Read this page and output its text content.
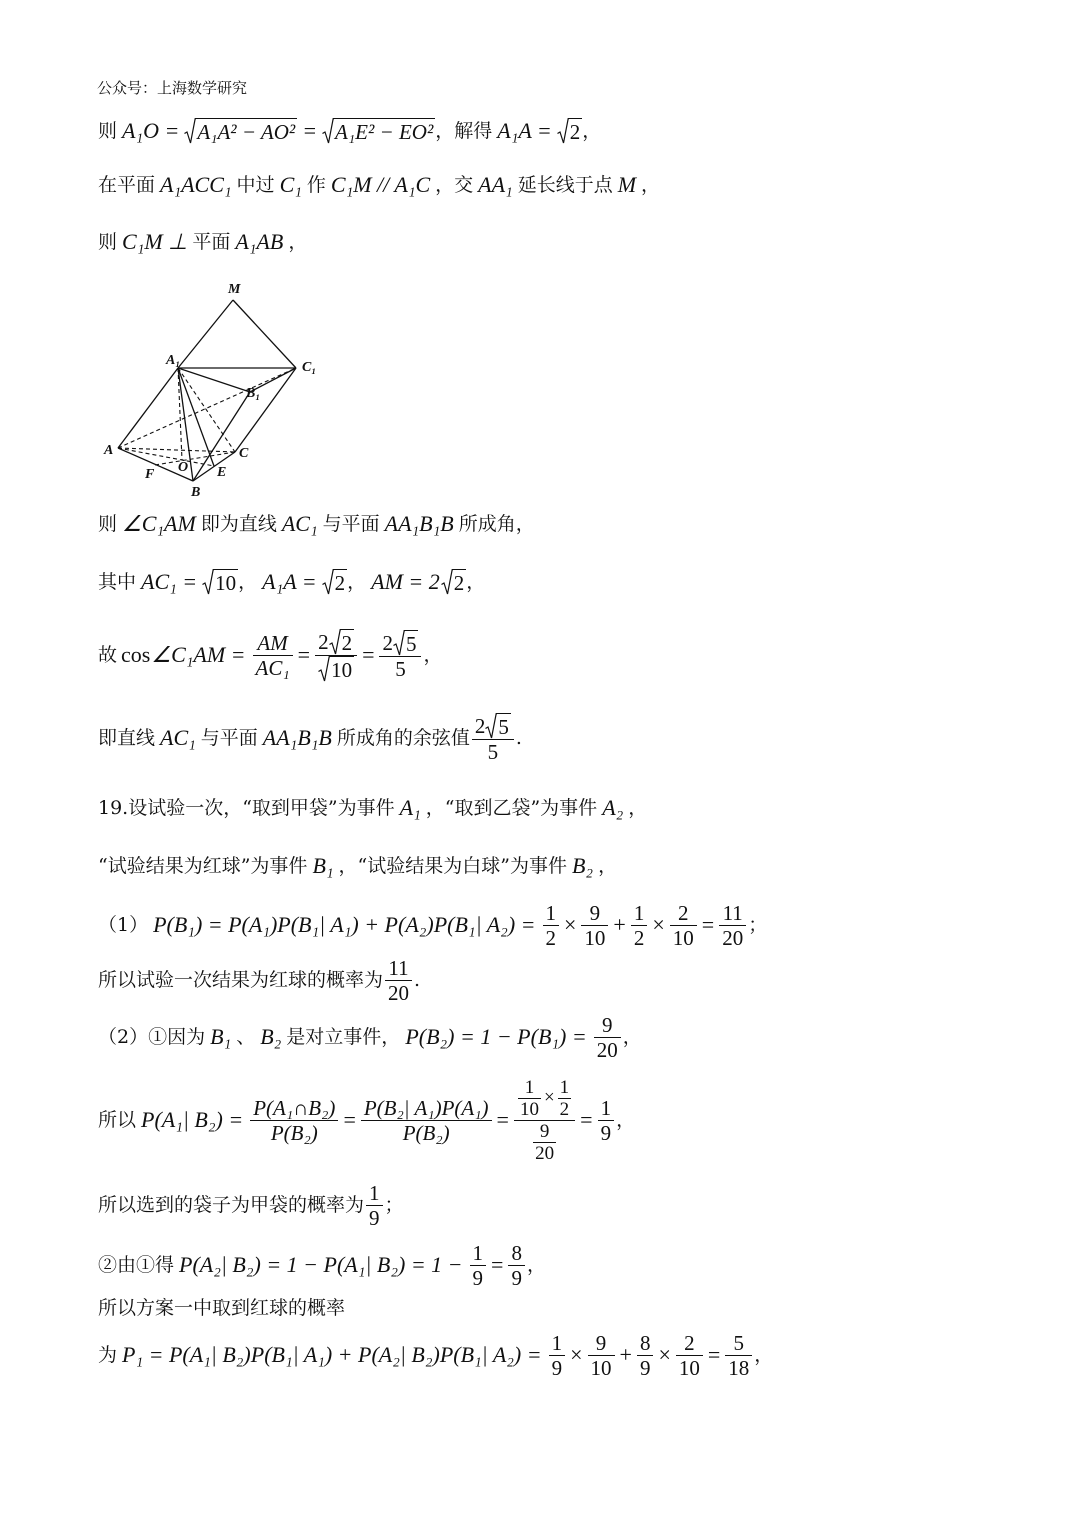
公众号：上海数学研究
则 A₁O = A₁A² − AO² = A₁E² − EO² ，解得 A₁A = 2 ，
在平面 A₁ACC₁ 中过 C₁ 作 C₁M // A₁C ，交 AA₁ 延长线于点 M ，
则 C₁M ⊥ 平面 A₁AB ，
M
A₁	C₁
B₁
A	C
F O E
B
则 ∠C₁AM 即为直线 AC₁ 与平面 AA₁B₁B 所成角，
其中 AC₁ = 10 ， A₁A = 2 ， AM = 2 2 ，
故 cos ∠C₁AM = $\frac{AM}{\text{AC₁}} = \frac{2 2}{10} = \frac{2 5}{5}$ ，
即直线 AC₁ 与平面 AA₁B₁B 所成角的余弦值 $\frac{2 5}{5}$ .
19.设试验一次，“取到甲袋”为事件 A₁ ，“取到乙袋”为事件 A₂ ，
“试验结果为红球”为事件 B₁ ，“试验结果为白球”为事件 B₂ ，
（1） P(B₁) = P(A₁)P(B₁| A₁) + P(A₂)P(B₁| $A_2) = \frac{1}{2} \times \frac{9}{10} + \frac{1}{2} \times \frac{2}{10} = \frac{11}{20}$ ；
所以试验一次结果为红球的概率为 $\frac{11}{20}$ .
（2）①因为 B₁ 、 B₂ 是对立事件， $P(B_2) = 1 - P(B_1) = \frac{9}{20}$ ，
所以 P(A₁| $B_2) = \frac{\text{P(A₁∩B₂)}}{\text{P(B₂)}} = \frac{\text{P(B₂| A₁)P(A₁)}}{\text{P(B₂)}} = \frac{\frac{1}{10} \times \frac{1}{2}}{\frac{9}{20}} = \frac{1}{9}$ ，
所以选到的袋子为甲袋的概率为 $\frac{1}{9}$ ；
②由①得 P(A₂| B₂) = 1 − P(A₁| $B_2) = 1 - \frac{1}{9} = \frac{8}{9}$ ，
所以方案一中取到红球的概率
为 P₁ = P(A₁| B₂)P(B₁| A₁) + P(A₂| B₂)P(B₁| $A_2) = \frac{1}{9} \times \frac{9}{10} + \frac{8}{9} \times \frac{2}{10} = \frac{5}{18}$ ，
